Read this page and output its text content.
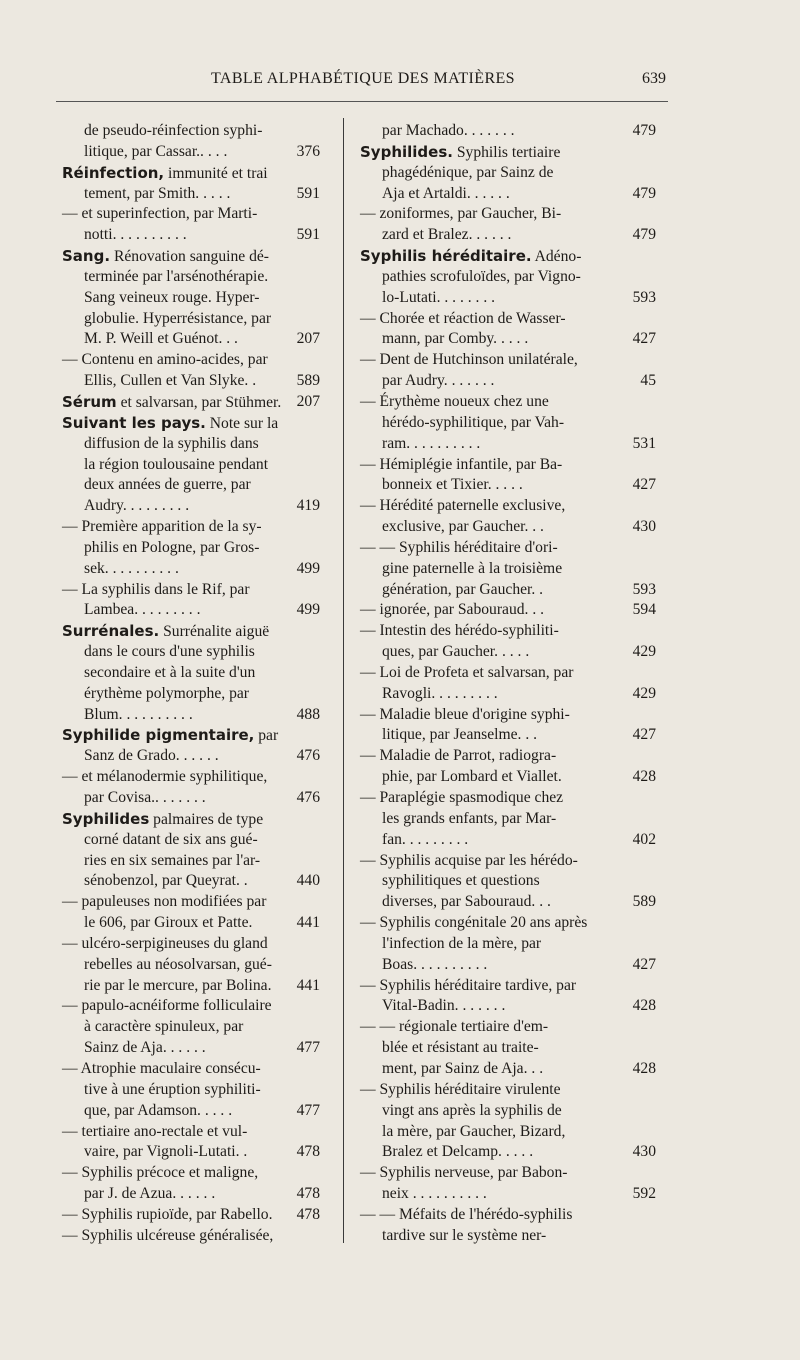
TABLE ALPHABÉTIQUE DES MATIÈRES	639
de pseudo-réinfection syphi-
litique, par Cassar.. . . .	376
Réinfection, immunité et trai
tement, par Smith. . . . .	591
— et superinfection, par Marti-
notti. . . . . . . . . .	591
Sang. Rénovation sanguine dé-
terminée par l'arsénothérapie.
Sang veineux rouge. Hyper-
globulie. Hyperrésistance, par
M. P. Weill et Guénot. . .	207
— Contenu en amino-acides, par
Ellis, Cullen et Van Slyke. .	589
Sérum et salvarsan, par Stühmer. 207
Suivant les pays. Note sur la
diffusion de la syphilis dans
la région toulousaine pendant
deux années de guerre, par
Audry. . . . . . . . .	419
— Première apparition de la sy-
philis en Pologne, par Gros-
sek. . . . . . . . . .	499
— La syphilis dans le Rif, par
Lambea. . . . . . . . .	499
Surrénales. Surrénalite aiguë
dans le cours d'une syphilis
secondaire et à la suite d'un
érythème polymorphe, par
Blum. . . . . . . . . .	488
Syphilide pigmentaire, par
Sanz de Grado. . . . . .	476
— et mélanodermie syphilitique,
par Covisa.. . . . . . .	476
Syphilides palmaires de type
corné datant de six ans gué-
ries en six semaines par l'ar-
sénobenzol, par Queyrat. .	440
— papuleuses non modifiées par
le 606, par Giroux et Patte.	441
— ulcéro-serpigineuses du gland
rebelles au néosolvarsan, gué-
rie par le mercure, par Bolina. 441
— papulo-acnéiforme folliculaire
à caractère spinuleux, par
Sainz de Aja. . . . . .	477
— Atrophie maculaire consécu-
tive à une éruption syphiliti-
que, par Adamson. . . . .	477
— tertiaire ano-rectale et vul-
vaire, par Vignoli-Lutati. .	478
— Syphilis précoce et maligne,
par J. de Azua. . . . . .	478
— Syphilis rupioïde, par Rabello. 478
— Syphilis ulcéreuse généralisée,
par Machado. . . . . . .	479
Syphilides. Syphilis tertiaire
phagédénique, par Sainz de
Aja et Artaldi. . . . . .	479
— zoniformes, par Gaucher, Bi-
zard et Bralez. . . . . .	479
Syphilis héréditaire. Adéno-
pathies scrofuloïdes, par Vigno-
lo-Lutati. . . . . . . .	593
— Chorée et réaction de Wasser-
mann, par Comby. . . . .	427
— Dent de Hutchinson unilatérale,
par Audry. . . . . . .	45
— Érythème noueux chez une
hérédo-syphilitique, par Vah-
ram. . . . . . . . . .	531
— Hémiplégie infantile, par Ba-
bonneix et Tixier. . . . .	427
— Hérédité paternelle exclusive,
exclusive, par Gaucher. . .	430
— — Syphilis héréditaire d'ori-
gine paternelle à la troisième
génération, par Gaucher. .	593
— ignorée, par Sabouraud. . .	594
— Intestin des hérédo-syphiliti-
ques, par Gaucher. . . . .	429
— Loi de Profeta et salvarsan, par
Ravogli. . . . . . . . .	429
— Maladie bleue d'origine syphi-
litique, par Jeanselme. . .	427
— Maladie de Parrot, radiogra-
phie, par Lombard et Viallet.	428
— Paraplégie spasmodique chez
les grands enfants, par Mar-
fan. . . . . . . . .	402
— Syphilis acquise par les hérédo-
syphilitiques et questions
diverses, par Sabouraud. . .	589
— Syphilis congénitale 20 ans après
l'infection de la mère, par
Boas. . . . . . . . . .	427
— Syphilis héréditaire tardive, par
Vital-Badin. . . . . . .	428
— — régionale tertiaire d'em-
blée et résistant au traite-
ment, par Sainz de Aja. . .	428
— Syphilis héréditaire virulente
vingt ans après la syphilis de
la mère, par Gaucher, Bizard,
Bralez et Delcamp. . . . .	430
— Syphilis nerveuse, par Babon-
neix . . . . . . . . . .	592
— — Méfaits de l'hérédo-syphilis
tardive sur le système ner-
